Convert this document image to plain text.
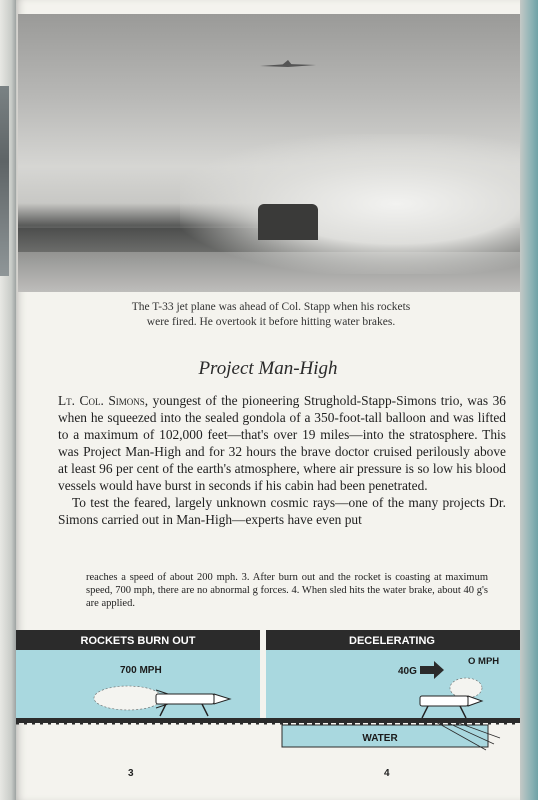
The T-33 jet plane was ahead of Col. Stapp when his rockets

were fired. He overtook it before hitting water brakes.

Project Man-High

Lt. Col. Simons, youngest of the pioneering Strughold-Stapp-Simons trio, was 36 when he squeezed into the sealed gondola of a 350-foot-tall balloon and was lifted to a maximum of 102,000 feet—that's over 19 miles—into the stratosphere. This was Project Man-High and for 32 hours the brave doctor cruised perilously above at least 96 per cent of the earth's atmosphere, where air pressure is so low his blood vessels would have burst in seconds if his cabin had been penetrated.

To test the feared, largely unknown cosmic rays—one of the many projects Dr. Simons carried out in Man-High—experts have even put

reaches a speed of about 200 mph. 3. After burn out and the rocket is coasting at maximum speed, 700 mph, there are no abnormal g forces. 4. When sled hits the water brake, about 40 g's are applied.

ROCKETS BURN OUT
700 MPH
DECELERATING
40G
O MPH
WATER
3	4
